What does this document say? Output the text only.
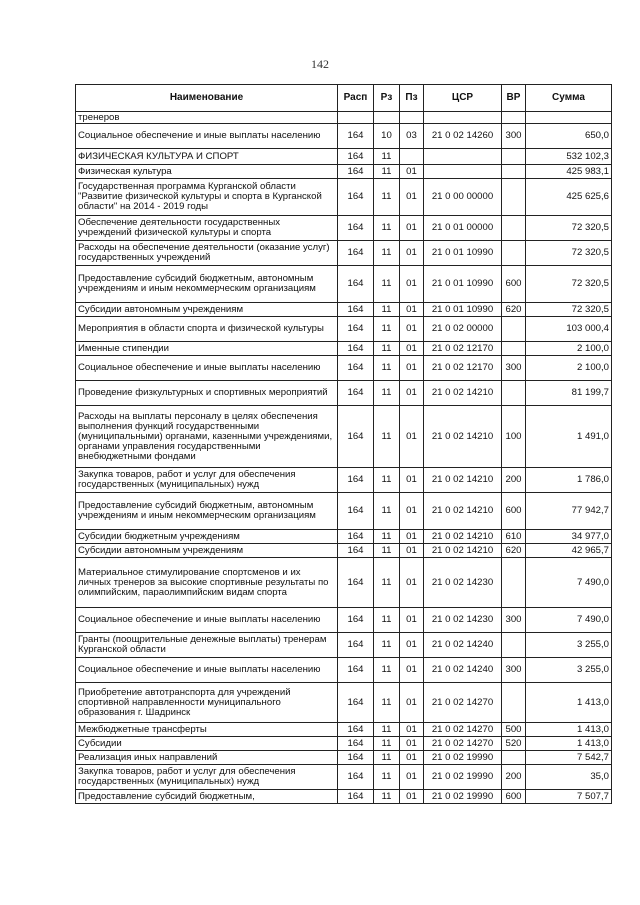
142
Наименование	Расп	Рз	Пз	ЦСР	ВР	Сумма
тренеров						
Социальное обеспечение и иные выплаты населению	164	10	03	21 0 02 14260	300	650,0
ФИЗИЧЕСКАЯ КУЛЬТУРА И СПОРТ	164	11				532 102,3
Физическая культура	164	11	01			425 983,1
Государственная программа Курганской области "Развитие физической культуры и спорта в Курганской области" на 2014 - 2019 годы	164	11	01	21 0 00 00000		425 625,6
Обеспечение деятельности государственных учреждений физической культуры и спорта	164	11	01	21 0 01 00000		72 320,5
Расходы на обеспечение деятельности (оказание услуг) государственных учреждений	164	11	01	21 0 01 10990		72 320,5
Предоставление субсидий бюджетным, автономным учреждениям и иным некоммерческим организациям	164	11	01	21 0 01 10990	600	72 320,5
Субсидии автономным учреждениям	164	11	01	21 0 01 10990	620	72 320,5
Мероприятия в области спорта и физической культуры	164	11	01	21 0 02 00000		103 000,4
Именные стипендии	164	11	01	21 0 02 12170		2 100,0
Социальное обеспечение и иные выплаты населению	164	11	01	21 0 02 12170	300	2 100,0
Проведение физкультурных и спортивных мероприятий	164	11	01	21 0 02 14210		81 199,7
Расходы на выплаты персоналу в целях обеспечения выполнения функций государственными (муниципальными) органами, казенными учреждениями, органами управления государственными внебюджетными фондами	164	11	01	21 0 02 14210	100	1 491,0
Закупка товаров, работ и услуг для обеспечения государственных (муниципальных) нужд	164	11	01	21 0 02 14210	200	1 786,0
Предоставление субсидий бюджетным, автономным учреждениям и иным некоммерческим организациям	164	11	01	21 0 02 14210	600	77 942,7
Субсидии бюджетным учреждениям	164	11	01	21 0 02 14210	610	34 977,0
Субсидии автономным учреждениям	164	11	01	21 0 02 14210	620	42 965,7
Материальное стимулирование спортсменов и их личных тренеров за высокие спортивные результаты по олимпийским, параолимпийским видам спорта	164	11	01	21 0 02 14230		7 490,0
Социальное обеспечение и иные выплаты населению	164	11	01	21 0 02 14230	300	7 490,0
Гранты (поощрительные денежные выплаты) тренерам Курганской области	164	11	01	21 0 02 14240		3 255,0
Социальное обеспечение и иные выплаты населению	164	11	01	21 0 02 14240	300	3 255,0
Приобретение автотранспорта для учреждений спортивной направленности муниципального образования г. Шадринск	164	11	01	21 0 02 14270		1 413,0
Межбюджетные трансферты	164	11	01	21 0 02 14270	500	1 413,0
Субсидии	164	11	01	21 0 02 14270	520	1 413,0
Реализация иных направлений	164	11	01	21 0 02 19990		7 542,7
Закупка товаров, работ и услуг для обеспечения государственных (муниципальных) нужд	164	11	01	21 0 02 19990	200	35,0
Предоставление субсидий бюджетным,	164	11	01	21 0 02 19990	600	7 507,7
